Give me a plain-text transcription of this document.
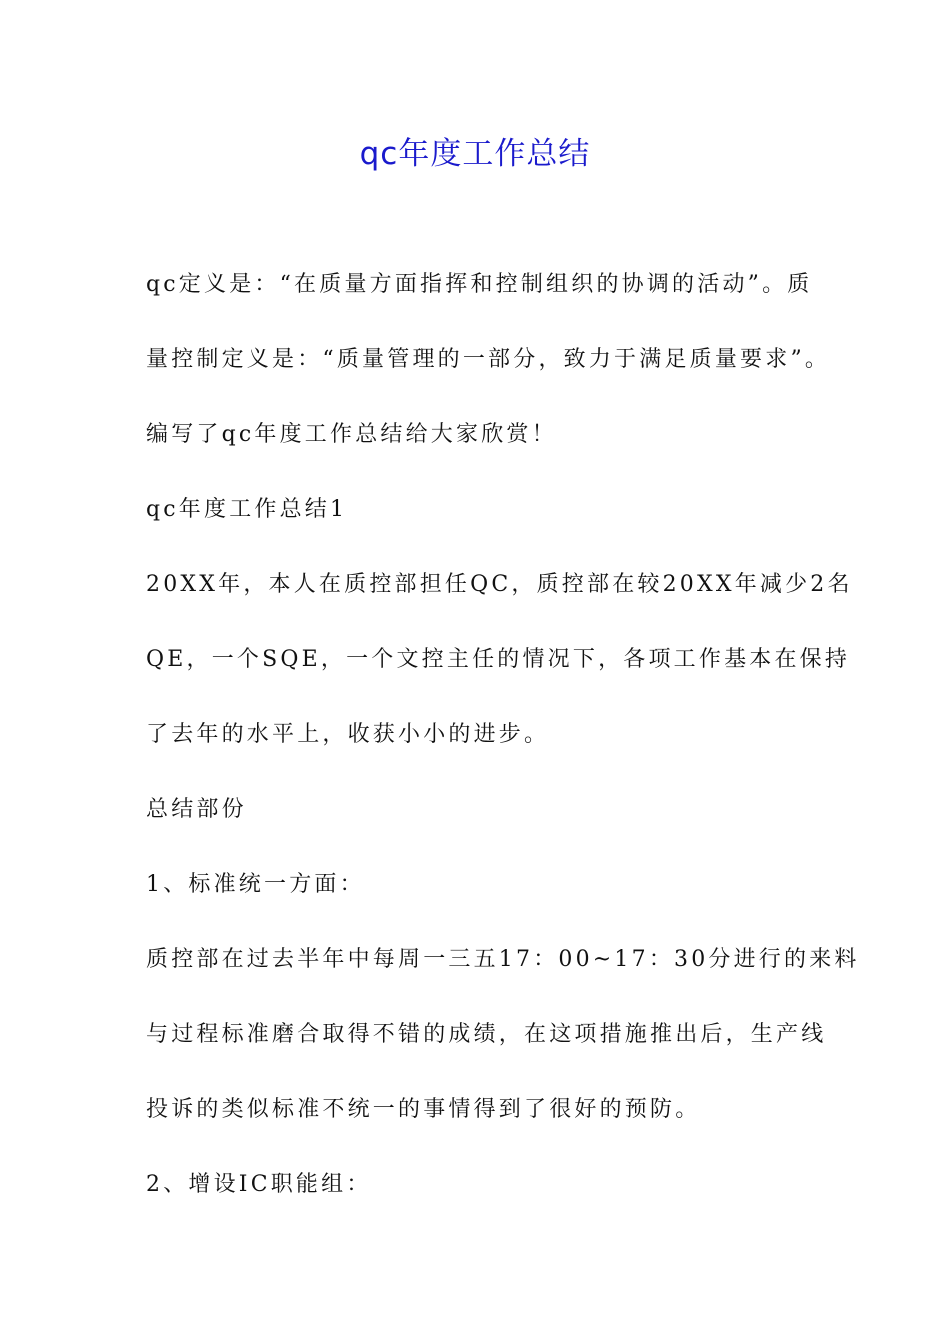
qc年度工作总结
qc定义是：“在质量方面指挥和控制组织的协调的活动”。质
量控制定义是：“质量管理的一部分，致力于满足质量要求”。
编写了qc年度工作总结给大家欣赏！
qc年度工作总结1
20XX年，本人在质控部担任QC，质控部在较20XX年减少2名
QE，一个SQE，一个文控主任的情况下，各项工作基本在保持
了去年的水平上，收获小小的进步。
总结部份
1、标准统一方面：
质控部在过去半年中每周一三五17：00~17：30分进行的来料
与过程标准磨合取得不错的成绩，在这项措施推出后，生产线
投诉的类似标准不统一的事情得到了很好的预防。
2、增设IC职能组：
